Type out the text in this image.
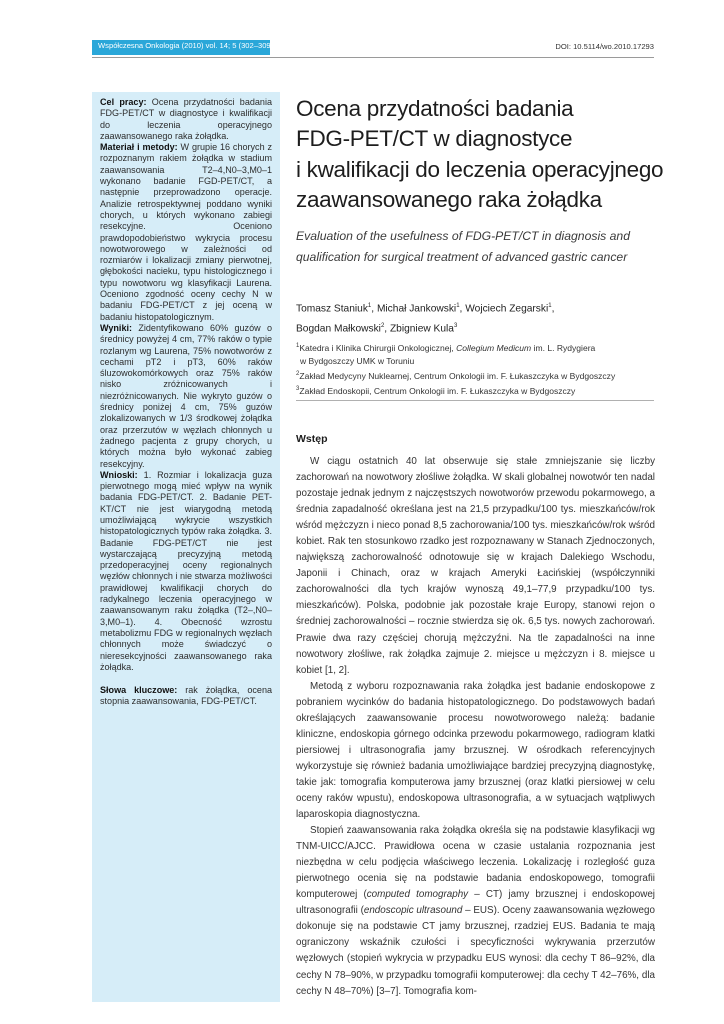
Współczesna Onkologia (2010) vol. 14; 5 (302–309)	DOI: 10.5114/wo.2010.17293

Cel pracy: Ocena przydatności badania FDG-PET/CT w diagnostyce i kwalifikacji do leczenia operacyjnego zaawansowanego raka żołądka.

Materiał i metody: W grupie 16 chorych z rozpoznanym rakiem żołądka w stadium zaawansowania T2–4,N0–3,M0–1 wykonano badanie FGD-PET/CT, a następnie przeprowadzono operacje. Analizie retrospektywnej poddano wyniki chorych, u których wykonano zabiegi resekcyjne. Oceniono prawdopodobieństwo wykrycia procesu nowotworowego w zależności od rozmiarów i lokalizacji zmiany pierwotnej, głębokości nacieku, typu histologicznego i typu nowotworu wg klasyfikacji Laurena. Oceniono zgodność oceny cechy N w badaniu FDG-PET/CT z jej oceną w badaniu histopatologicznym.

Wyniki: Zidentyfikowano 60% guzów o średnicy powyżej 4 cm, 77% raków o typie rozlanym wg Laurena, 75% nowotworów z cechami pT2 i pT3, 60% raków śluzowokomórkowych oraz 75% raków nisko zróżnicowanych i niezróżnicowanych. Nie wykryto guzów o średnicy poniżej 4 cm, 75% guzów zlokalizowanych w 1/3 środkowej żołądka oraz przerzutów w węzłach chłonnych u żadnego pacjenta z grupy chorych, u których można było wykonać zabieg resekcyjny.

Wnioski: 1. Rozmiar i lokalizacja guza pierwotnego mogą mieć wpływ na wynik badania FDG-PET/CT. 2. Badanie PET-KT/CT nie jest wiarygodną metodą umożliwiającą wykrycie wszystkich histopatologicznych typów raka żołądka. 3. Badanie FDG-PET/CT nie jest wystarczającą precyzyjną metodą przedoperacyjnej oceny regionalnych węzłów chłonnych i nie stwarza możliwości prawidłowej kwalifikacji chorych do radykalnego leczenia operacyjnego w zaawansowanym raku żołądka (T2–,N0–3,M0–1). 4. Obecność wzrostu metabolizmu FDG w regionalnych węzłach chłonnych może świadczyć o nieresekcyjności zaawansowanego raka żołądka.

Słowa kluczowe: rak żołądka, ocena stopnia zaawansowania, FDG-PET/CT.

Ocena przydatności badania
FDG-PET/CT w diagnostyce
i kwalifikacji do leczenia operacyjnego
zaawansowanego raka żołądka

Evaluation of the usefulness of FDG-PET/CT in diagnosis and
qualification for surgical treatment of advanced gastric cancer

Tomasz Staniuk$^1$, Michał Jankowski$^1$, Wojciech Zegarski$^1$,
Bogdan Małkowski$^2$, Zbigniew Kula$^3$

$^1$Katedra i Klinika Chirurgii Onkologicznej, Collegium Medicum im. L. Rydygiera
w Bydgoszczy UMK w Toruniu
$^2$Zakład Medycyny Nuklearnej, Centrum Onkologii im. F. Łukaszczyka w Bydgoszczy
$^3$Zakład Endoskopii, Centrum Onkologii im. F. Łukaszczyka w Bydgoszczy
Wstęp

W ciągu ostatnich 40 lat obserwuje się stałe zmniejszanie się liczby zachorowań na nowotwory złośliwe żołądka. W skali globalnej nowotwór ten nadal pozostaje jednak jednym z najczęstszych nowotworów przewodu pokarmowego, a średnia zapadalność określana jest na 21,5 przypadku/100 tys. mieszkańców/rok wśród mężczyzn i nieco ponad 8,5 zachorowania/100 tys. mieszkańców/rok wśród kobiet. Rak ten stosunkowo rzadko jest rozpoznawany w Stanach Zjednoczonych, największą zachorowalność odnotowuje się w krajach Dalekiego Wschodu, Japonii i Chinach, oraz w krajach Ameryki Łacińskiej (współczynniki zachorowalności dla tych krajów wynoszą 49,1–77,9 przypadku/100 tys. mieszkańców). Polska, podobnie jak pozostałe kraje Europy, stanowi rejon o średniej zachorowalności – rocznie stwierdza się ok. 6,5 tys. nowych zachorowań. Prawie dwa razy częściej chorują mężczyźni. Na tle zapadalności na inne nowotwory złośliwe, rak żołądka zajmuje 2. miejsce u mężczyzn i 8. miejsce u kobiet [1, 2].

Metodą z wyboru rozpoznawania raka żołądka jest badanie endoskopowe z pobraniem wycinków do badania histopatologicznego. Do podstawowych badań określających zaawansowanie procesu nowotworowego należą: badanie kliniczne, endoskopia górnego odcinka przewodu pokarmowego, radiogram klatki piersiowej i ultrasonografia jamy brzusznej. W ośrodkach referencyjnych wykorzystuje się również badania umożliwiające bardziej precyzyjną diagnostykę, takie jak: tomografia komputerowa jamy brzusznej (oraz klatki piersiowej w celu oceny raków wpustu), endoskopowa ultrasonografia, a w sytuacjach wątpliwych laparoskopia diagnostyczna.

Stopień zaawansowania raka żołądka określa się na podstawie klasyfikacji wg TNM-UICC/AJCC. Prawidłowa ocena w czasie ustalania rozpoznania jest niezbędna w celu podjęcia właściwego leczenia. Lokalizację i rozległość guza pierwotnego ocenia się na podstawie badania endoskopowego, tomografii komputerowej (computed tomography – CT) jamy brzusznej i endoskopowej ultrasonografii (endoscopic ultrasound – EUS). Oceny zaawansowania węzłowego dokonuje się na podstawie CT jamy brzusznej, rzadziej EUS. Badania te mają ograniczony wskaźnik czułości i specyficzności wykrywania przerzutów węzłowych (stopień wykrycia w przypadku EUS wynosi: dla cechy T 86–92%, dla cechy N 78–90%, w przypadku tomografii komputerowej: dla cechy T 42–76%, dla cechy N 48–70%) [3–7]. Tomografia kom-
